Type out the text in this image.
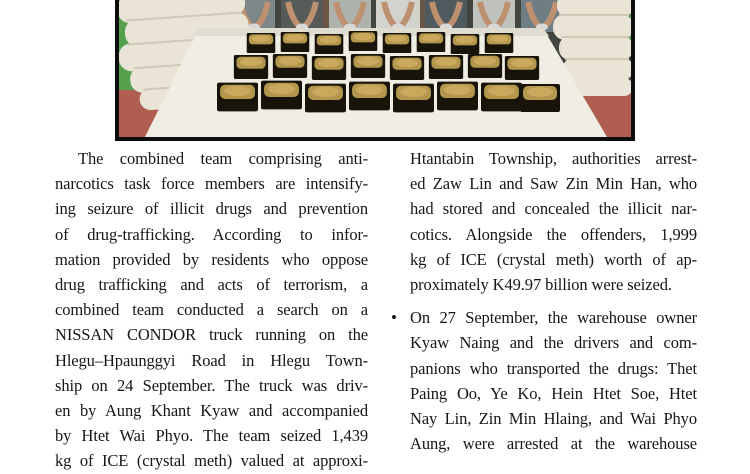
The combined team comprising anti-
narcotics task force members are intensify-
ing seizure of illicit drugs and prevention
of drug-trafficking. According to infor-
mation provided by residents who oppose
drug trafficking and acts of terrorism, a
combined team conducted a search on a
NISSAN CONDOR truck running on the
Hlegu–Hpaunggyi Road in Hlegu Town-
ship on 24 September. The truck was driv-
en by Aung Khant Kyaw and accompanied
by Htet Wai Phyo. The team seized 1,439
kg of ICE (crystal meth) valued at approxi-
Htantabin Township, authorities arrest-
ed Zaw Lin and Saw Zin Min Han, who
had stored and concealed the illicit nar-
cotics. Alongside the offenders, 1,999
kg of ICE (crystal meth) worth of ap-
proximately K49.97 billion were seized.
• On 27 September, the warehouse owner
Kyaw Naing and the drivers and com-
panions who transported the drugs: Thet
Paing Oo, Ye Ko, Hein Htet Soe, Htet
Nay Lin, Zin Min Hlaing, and Wai Phyo
Aung, were arrested at the warehouse
